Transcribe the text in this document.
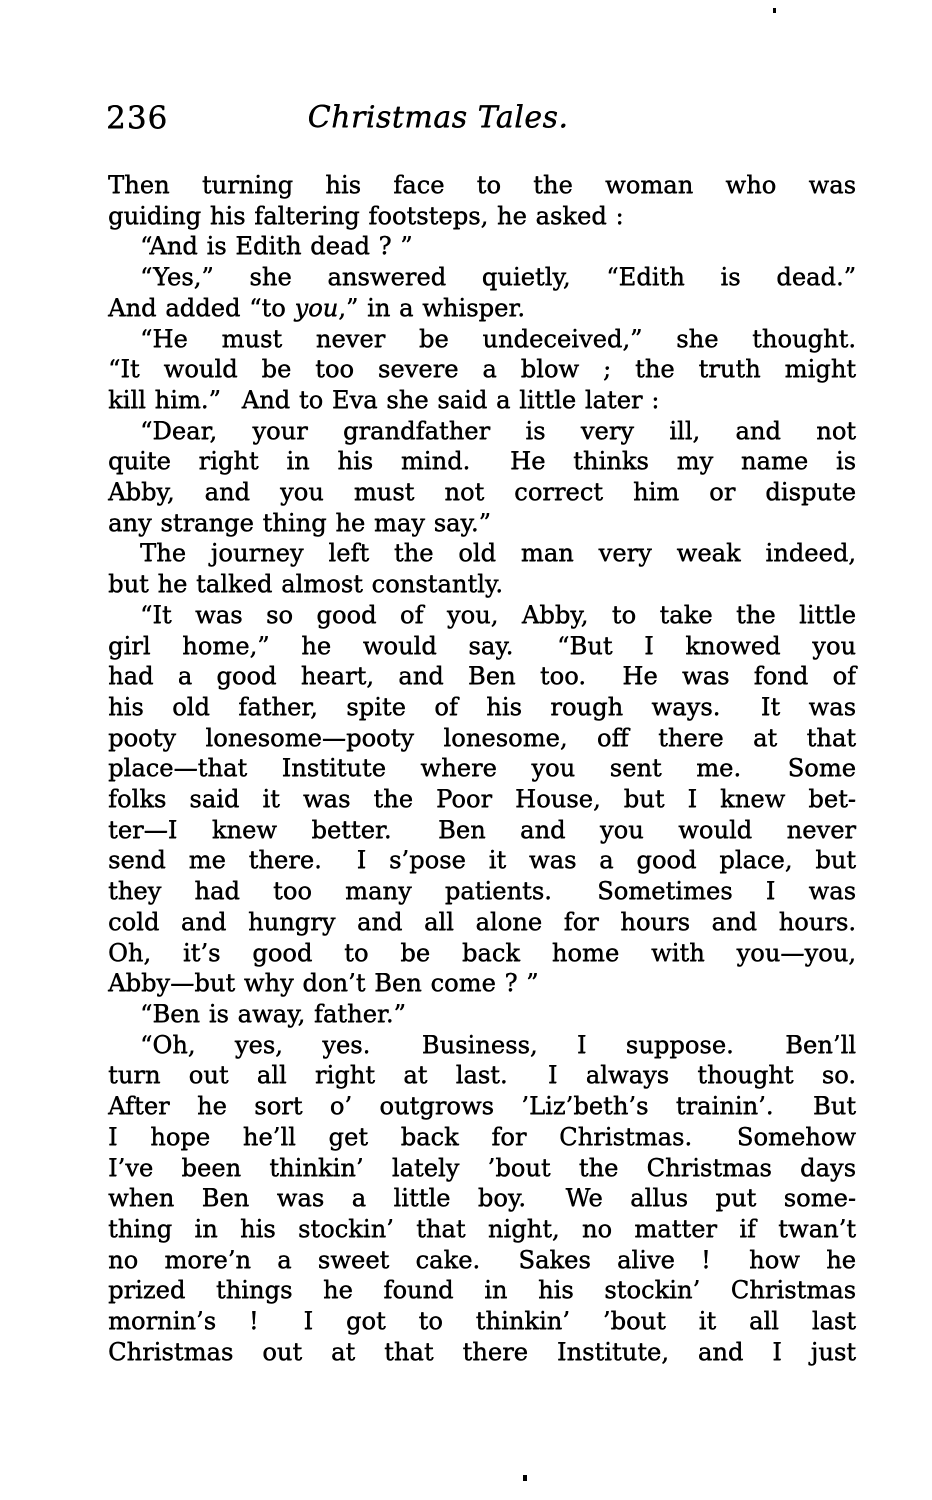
236	Christmas Tales.
Then turning his face to the woman who was
guiding his faltering footsteps, he asked :
“And is Edith dead ? ”
“Yes,” she answered quietly, “Edith is dead.”
And added “to you,” in a whisper.
“He must never be undeceived,” she thought.
“It would be too severe a blow ; the truth might
kill him.”  And to Eva she said a little later :
“Dear, your grandfather is very ill, and not
quite right in his mind.  He thinks my name is
Abby, and you must not correct him or dispute
any strange thing he may say.”
The journey left the old man very weak indeed,
but he talked almost constantly.
“It was so good of you, Abby, to take the little
girl home,” he would say.  “But I knowed you
had a good heart, and Ben too.  He was fond of
his old father, spite of his rough ways.  It was
pooty lonesome—pooty lonesome, off there at that
place—that Institute where you sent me.  Some
folks said it was the Poor House, but I knew bet-
ter—I knew better.  Ben and you would never
send me there.  I s’pose it was a good place, but
they had too many patients.  Sometimes I was
cold and hungry and all alone for hours and hours.
Oh, it’s good to be back home with you—you,
Abby—but why don’t Ben come ? ”
“Ben is away, father.”
“Oh, yes, yes.  Business, I suppose.  Ben’ll
turn out all right at last.  I always thought so.
After he sort o’ outgrows ’Liz’beth’s trainin’.  But
I hope he’ll get back for Christmas.  Somehow
I’ve been thinkin’ lately ’bout the Christmas days
when Ben was a little boy.  We allus put some-
thing in his stockin’ that night, no matter if twan’t
no more’n a sweet cake.  Sakes alive !  how he
prized things he found in his stockin’ Christmas
mornin’s !  I got to thinkin’ ’bout it all last
Christmas out at that there Institute, and I just
